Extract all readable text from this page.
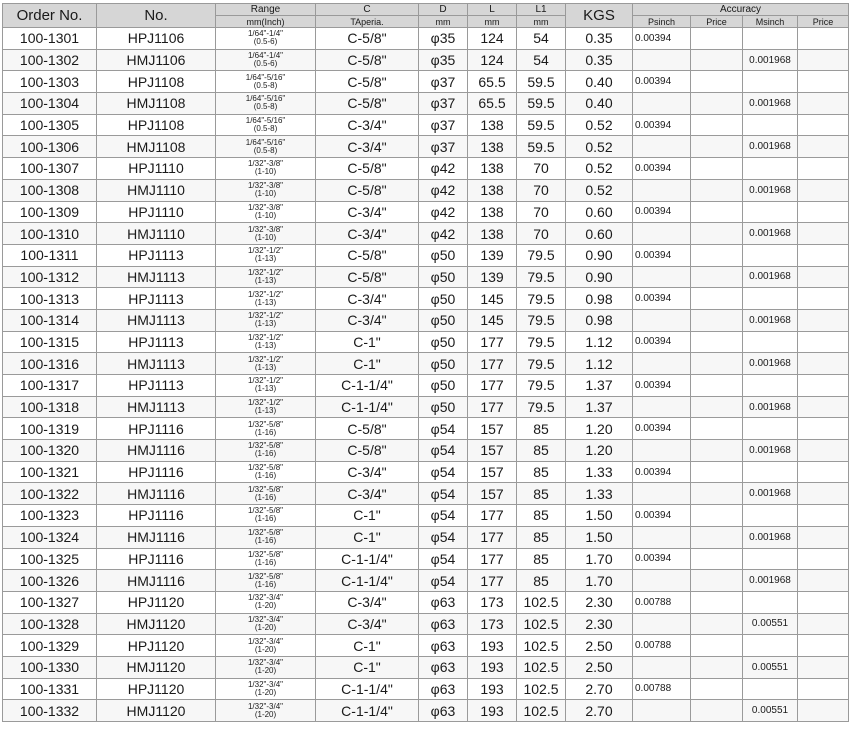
Order No.	No.	Range	C	D	L	L1	KGS	Accuracy			
		mm(Inch)	TAperia.	mm	mm	mm		Psinch	Price	Msinch	Price
100-1301	HPJ1106	1/64"-1/4"
(0.5-6)	C-5/8"	φ35	124	54	0.35	0.00394			
100-1302	HMJ1106	1/64"-1/4"
(0.5-6)	C-5/8"	φ35	124	54	0.35			0.001968	
100-1303	HPJ1108	1/64"-5/16"
(0.5-8)	C-5/8"	φ37	65.5	59.5	0.40	0.00394			
100-1304	HMJ1108	1/64"-5/16"
(0.5-8)	C-5/8"	φ37	65.5	59.5	0.40			0.001968	
100-1305	HPJ1108	1/64"-5/16"
(0.5-8)	C-3/4"	φ37	138	59.5	0.52	0.00394			
100-1306	HMJ1108	1/64"-5/16"
(0.5-8)	C-3/4"	φ37	138	59.5	0.52			0.001968	
100-1307	HPJ1110	1/32"-3/8"
(1-10)	C-5/8"	φ42	138	70	0.52	0.00394			
100-1308	HMJ1110	1/32"-3/8"
(1-10)	C-5/8"	φ42	138	70	0.52			0.001968	
100-1309	HPJ1110	1/32"-3/8"
(1-10)	C-3/4"	φ42	138	70	0.60	0.00394			
100-1310	HMJ1110	1/32"-3/8"
(1-10)	C-3/4"	φ42	138	70	0.60			0.001968	
100-1311	HPJ1113	1/32"-1/2"
(1-13)	C-5/8"	φ50	139	79.5	0.90	0.00394			
100-1312	HMJ1113	1/32"-1/2"
(1-13)	C-5/8"	φ50	139	79.5	0.90			0.001968	
100-1313	HPJ1113	1/32"-1/2"
(1-13)	C-3/4"	φ50	145	79.5	0.98	0.00394			
100-1314	HMJ1113	1/32"-1/2"
(1-13)	C-3/4"	φ50	145	79.5	0.98			0.001968	
100-1315	HPJ1113	1/32"-1/2"
(1-13)	C-1"	φ50	177	79.5	1.12	0.00394			
100-1316	HMJ1113	1/32"-1/2"
(1-13)	C-1"	φ50	177	79.5	1.12			0.001968	
100-1317	HPJ1113	1/32"-1/2"
(1-13)	C-1-1/4"	φ50	177	79.5	1.37	0.00394			
100-1318	HMJ1113	1/32"-1/2"
(1-13)	C-1-1/4"	φ50	177	79.5	1.37			0.001968	
100-1319	HPJ1116	1/32"-5/8"
(1-16)	C-5/8"	φ54	157	85	1.20	0.00394			
100-1320	HMJ1116	1/32"-5/8"
(1-16)	C-5/8"	φ54	157	85	1.20			0.001968	
100-1321	HPJ1116	1/32"-5/8"
(1-16)	C-3/4"	φ54	157	85	1.33	0.00394			
100-1322	HMJ1116	1/32"-5/8"
(1-16)	C-3/4"	φ54	157	85	1.33			0.001968	
100-1323	HPJ1116	1/32"-5/8"
(1-16)	C-1"	φ54	177	85	1.50	0.00394			
100-1324	HMJ1116	1/32"-5/8"
(1-16)	C-1"	φ54	177	85	1.50			0.001968	
100-1325	HPJ1116	1/32"-5/8"
(1-16)	C-1-1/4"	φ54	177	85	1.70	0.00394			
100-1326	HMJ1116	1/32"-5/8"
(1-16)	C-1-1/4"	φ54	177	85	1.70			0.001968	
100-1327	HPJ1120	1/32"-3/4"
(1-20)	C-3/4"	φ63	173	102.5	2.30	0.00788			
100-1328	HMJ1120	1/32"-3/4"
(1-20)	C-3/4"	φ63	173	102.5	2.30			0.00551	
100-1329	HPJ1120	1/32"-3/4"
(1-20)	C-1"	φ63	193	102.5	2.50	0.00788			
100-1330	HMJ1120	1/32"-3/4"
(1-20)	C-1"	φ63	193	102.5	2.50			0.00551	
100-1331	HPJ1120	1/32"-3/4"
(1-20)	C-1-1/4"	φ63	193	102.5	2.70	0.00788			
100-1332	HMJ1120	1/32"-3/4"
(1-20)	C-1-1/4"	φ63	193	102.5	2.70			0.00551	
